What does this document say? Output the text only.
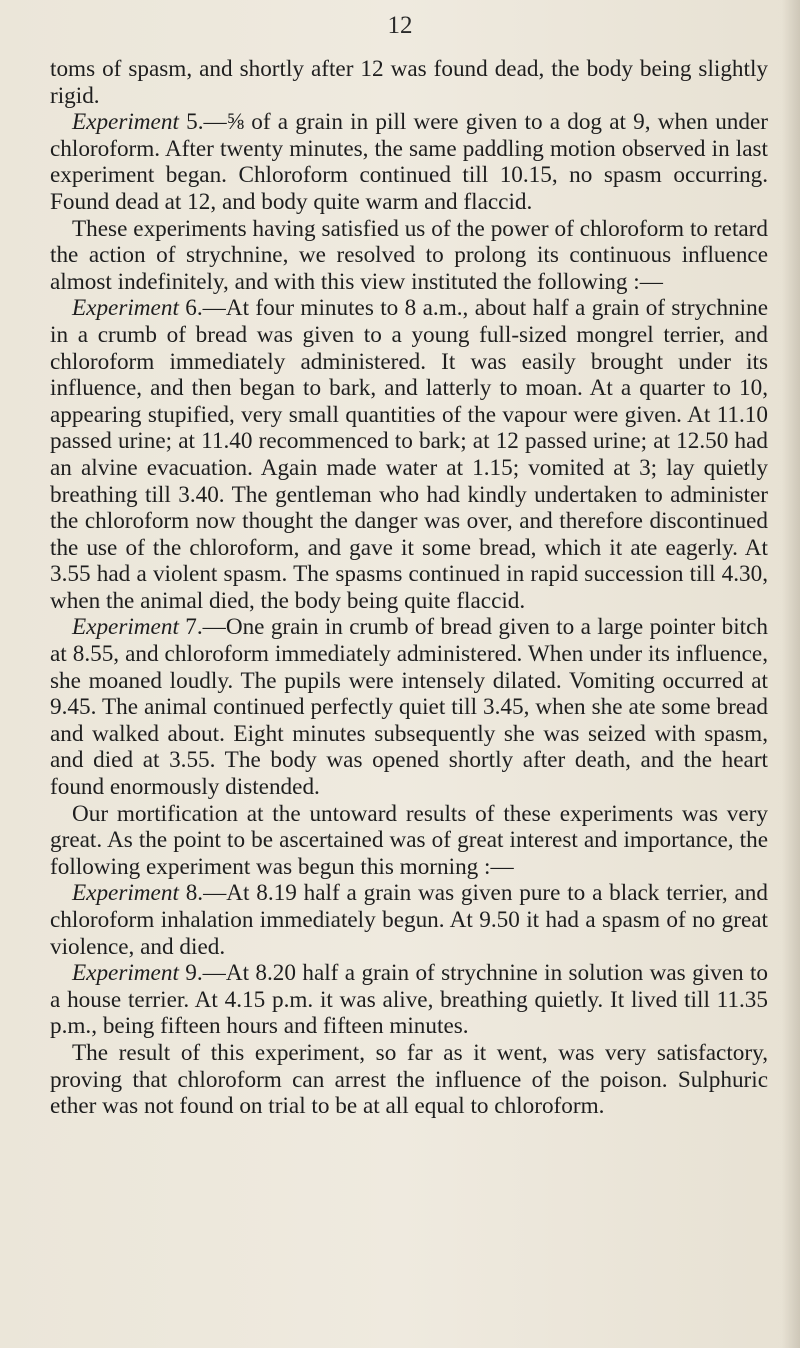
12

toms of spasm, and shortly after 12 was found dead, the body being slightly rigid.

Experiment 5.—⅝ of a grain in pill were given to a dog at 9, when under chloroform. After twenty minutes, the same paddling motion observed in last experiment began. Chloroform continued till 10.15, no spasm occurring. Found dead at 12, and body quite warm and flaccid.

These experiments having satisfied us of the power of chloroform to retard the action of strychnine, we resolved to prolong its continuous influence almost indefinitely, and with this view instituted the following :—

Experiment 6.—At four minutes to 8 a.m., about half a grain of strychnine in a crumb of bread was given to a young full-sized mongrel terrier, and chloroform immediately administered. It was easily brought under its influence, and then began to bark, and latterly to moan. At a quarter to 10, appearing stupified, very small quantities of the vapour were given. At 11.10 passed urine; at 11.40 recommenced to bark; at 12 passed urine; at 12.50 had an alvine evacuation. Again made water at 1.15; vomited at 3; lay quietly breathing till 3.40. The gentleman who had kindly undertaken to administer the chloroform now thought the danger was over, and therefore discontinued the use of the chloroform, and gave it some bread, which it ate eagerly. At 3.55 had a violent spasm. The spasms continued in rapid succession till 4.30, when the animal died, the body being quite flaccid.

Experiment 7.—One grain in crumb of bread given to a large pointer bitch at 8.55, and chloroform immediately administered. When under its influence, she moaned loudly. The pupils were intensely dilated. Vomiting occurred at 9.45. The animal continued perfectly quiet till 3.45, when she ate some bread and walked about. Eight minutes subsequently she was seized with spasm, and died at 3.55. The body was opened shortly after death, and the heart found enormously distended.

Our mortification at the untoward results of these experiments was very great. As the point to be ascertained was of great interest and importance, the following experiment was begun this morning :—

Experiment 8.—At 8.19 half a grain was given pure to a black terrier, and chloroform inhalation immediately begun. At 9.50 it had a spasm of no great violence, and died.

Experiment 9.—At 8.20 half a grain of strychnine in solution was given to a house terrier. At 4.15 p.m. it was alive, breathing quietly. It lived till 11.35 p.m., being fifteen hours and fifteen minutes.

The result of this experiment, so far as it went, was very satisfactory, proving that chloroform can arrest the influence of the poison. Sulphuric ether was not found on trial to be at all equal to chloroform.
